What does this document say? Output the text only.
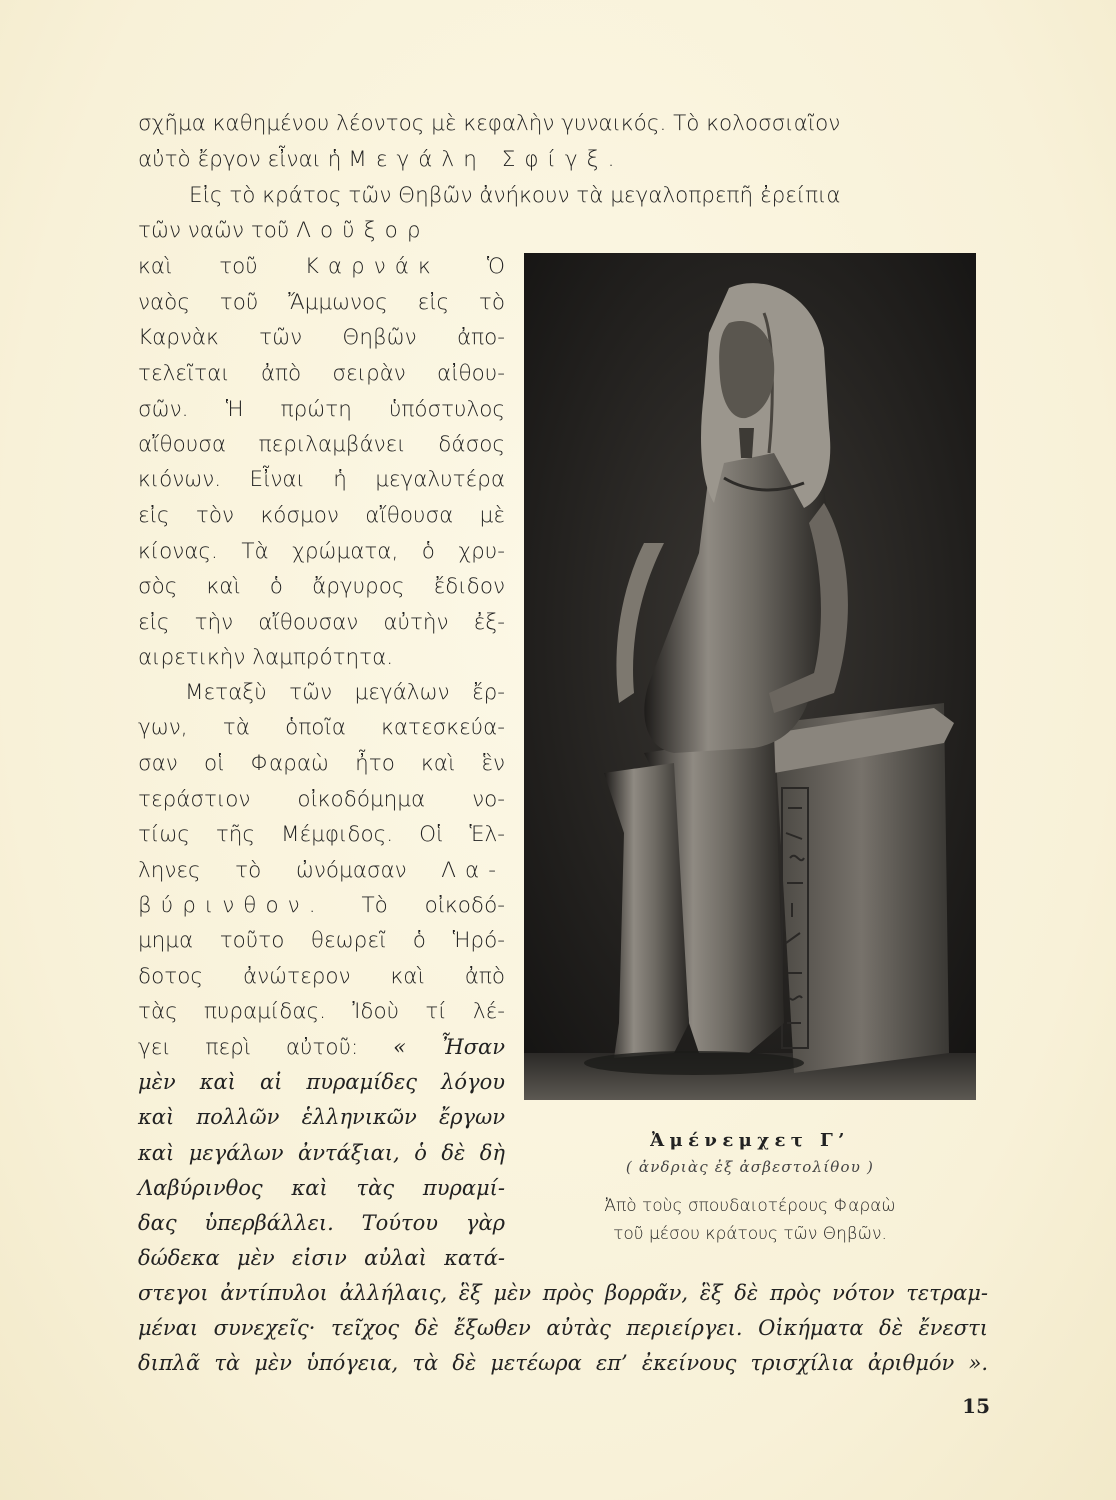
σχῆμα καθημένου λέοντος μὲ κεφαλὴν γυναικός. Τὸ κολοσσιαῖον
αὐτὸ ἔργον εἶναι ἡ Μεγάλη Σφίγξ.
Εἰς τὸ κράτος τῶν Θηβῶν ἀνήκουν τὰ μεγαλοπρεπῆ ἐρείπια
τῶν ναῶν τοῦ Λοῦξορ
καὶ τοῦ Καρνάκ Ὁ
ναὸς τοῦ Ἄμμωνος εἰς τὸ
Καρνὰκ τῶν Θηβῶν ἀπο-
τελεῖται ἀπὸ σειρὰν αἰθου-
σῶν. Ἡ πρώτη ὑπόστυλος
αἴθουσα περιλαμβάνει δάσος
κιόνων. Εἶναι ἡ μεγαλυτέρα
εἰς τὸν κόσμον αἴθουσα μὲ
κίονας. Τὰ χρώματα, ὁ χρυ-
σὸς καὶ ὁ ἄργυρος ἔδιδον
εἰς τὴν αἴθουσαν αὐτὴν ἐξ-
αιρετικὴν λαμπρότητα.
Μεταξὺ τῶν μεγάλων ἔρ-
γων, τὰ ὁποῖα κατεσκεύα-
σαν οἱ Φαραὼ ἦτο καὶ ἓν
τεράστιον οἰκοδόμημα νο-
τίως τῆς Μέμφιδος. Οἱ Ἑλ-
ληνες τὸ ὠνόμασαν Λα-
βύρινθον. Τὸ οἰκοδό-
μημα τοῦτο θεωρεῖ ὁ Ἡρό-
δοτος ἀνώτερον καὶ ἀπὸ
τὰς πυραμίδας. Ἰδοὺ τί λέ-
γει περὶ αὐτοῦ: « Ἦσαν
μὲν καὶ αἱ πυραμίδες λόγου
καὶ πολλῶν ἑλληνικῶν ἔργων
καὶ μεγάλων ἀντάξιαι, ὁ δὲ δὴ
Λαβύρινθος καὶ τὰς πυραμί-
δας ὑπερβάλλει. Τούτου γὰρ
δώδεκα μὲν εἰσιν αὐλαὶ κατά-
στεγοι ἀντίπυλοι ἀλλήλαις, ἓξ μὲν πρὸς βορρᾶν, ἓξ δὲ πρὸς νότον τετραμ-
μέναι συνεχεῖς· τεῖχος δὲ ἔξωθεν αὐτὰς περιείργει. Οἰκήματα δὲ ἔνεστι
διπλᾶ τὰ μὲν ὑπόγεια, τὰ δὲ μετέωρα επ’ ἐκείνους τρισχίλια ἀριθμόν ».
Ἀμένεμχετ Γ’
( ἀνδριὰς ἐξ ἀσβεστολίθου )
Ἀπὸ τοὺς σπουδαιοτέρους Φαραὼ
τοῦ μέσου κράτους τῶν Θηβῶν.
15
